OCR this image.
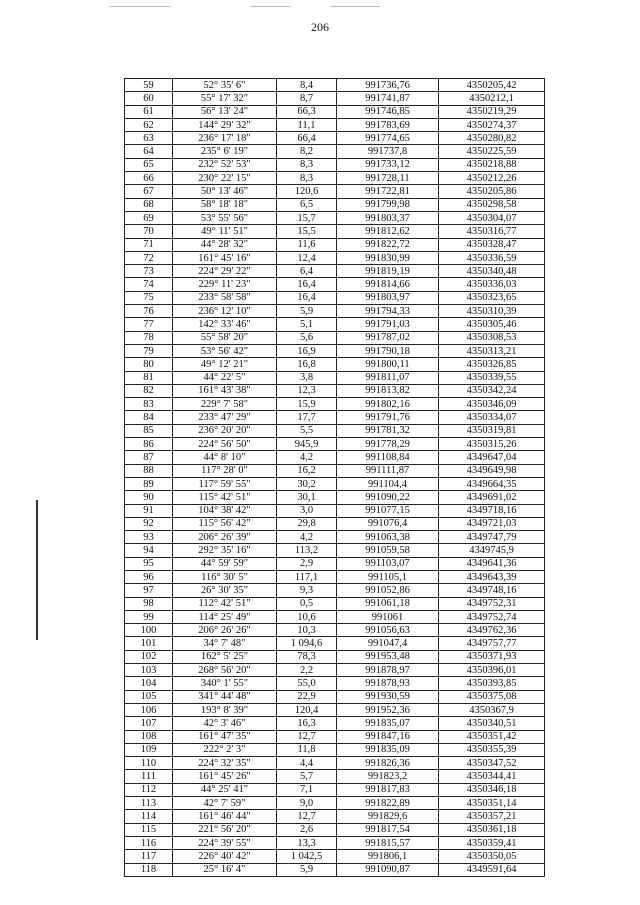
206
59	52° 35' 6"	8,4	991736,76	4350205,42
60	55° 17' 32"	8,7	991741,87	4350212,1
61	56° 13' 24"	66,3	991746,85	4350219,29
62	144° 29' 32"	11,1	991783,69	4350274,37
63	236° 17' 18"	66,4	991774,65	4350280,82
64	235° 6' 19"	8,2	991737,8	4350225,59
65	232° 52' 53"	8,3	991733,12	4350218,88
66	230° 22' 15"	8,3	991728,11	4350212,26
67	50° 13' 46"	120,6	991722,81	4350205,86
68	58° 18' 18"	6,5	991799,98	4350298,58
69	53° 55' 56"	15,7	991803,37	4350304,07
70	49° 11' 51"	15,5	991812,62	4350316,77
71	44° 28' 32"	11,6	991822,72	4350328,47
72	161° 45' 16"	12,4	991830,99	4350336,59
73	224° 29' 22"	6,4	991819,19	4350340,48
74	229° 11' 23"	16,4	991814,66	4350336,03
75	233° 58' 58"	16,4	991803,97	4350323,65
76	236° 12' 10"	5,9	991794,33	4350310,39
77	142° 33' 46"	5,1	991791,03	4350305,46
78	55° 58' 20"	5,6	991787,02	4350308,53
79	53° 56' 42"	16,9	991790,18	4350313,21
80	49° 12' 21"	16,8	991800,11	4350326,85
81	44° 22' 5"	3,8	991811,07	4350339,55
82	161° 43' 38"	12,3	991813,82	4350342,24
83	229° 7' 58"	15,9	991802,16	4350346,09
84	233° 47' 29"	17,7	991791,76	4350334,07
85	236° 20' 20"	5,5	991781,32	4350319,81
86	224° 56' 50"	945,9	991778,29	4350315,26
87	44° 8' 10"	4,2	991108,84	4349647,04
88	117° 28' 0"	16,2	991111,87	4349649,98
89	117° 59' 55"	30,2	991104,4	4349664,35
90	115° 42' 51"	30,1	991090,22	4349691,02
91	104° 38' 42"	3,0	991077,15	4349718,16
92	115° 56' 42"	29,8	991076,4	4349721,03
93	206° 26' 39"	4,2	991063,38	4349747,79
94	292° 35' 16"	113,2	991059,58	4349745,9
95	44° 59' 59"	2,9	991103,07	4349641,36
96	116° 30' 5"	117,1	991105,1	4349643,39
97	26° 30' 35"	9,3	991052,86	4349748,16
98	112° 42' 51"	0,5	991061,18	4349752,31
99	114° 25' 49"	10,6	991061	4349752,74
100	206° 26' 26"	10,3	991056,63	4349762,36
101	34° 7' 48"	1 094,6	991047,4	4349757,77
102	162° 5' 25"	78,3	991953,48	4350371,93
103	268° 56' 20"	2,2	991878,97	4350396,01
104	340° 1' 55"	55,0	991878,93	4350393,85
105	341° 44' 48"	22,9	991930,59	4350375,08
106	193° 8' 39"	120,4	991952,36	4350367,9
107	42° 3' 46"	16,3	991835,07	4350340,51
108	161° 47' 35"	12,7	991847,16	4350351,42
109	222° 2' 3"	11,8	991835,09	4350355,39
110	224° 32' 35"	4,4	991826,36	4350347,52
111	161° 45' 26"	5,7	991823,2	4350344,41
112	44° 25' 41"	7,1	991817,83	4350346,18
113	42° 7' 59"	9,0	991822,89	4350351,14
114	161° 46' 44"	12,7	991829,6	4350357,21
115	221° 56' 20"	2,6	991817,54	4350361,18
116	224° 39' 55"	13,3	991815,57	4350359,41
117	226° 40' 42"	1 042,5	991806,1	4350350,05
118	25° 16' 4"	5,9	991090,87	4349591,64
